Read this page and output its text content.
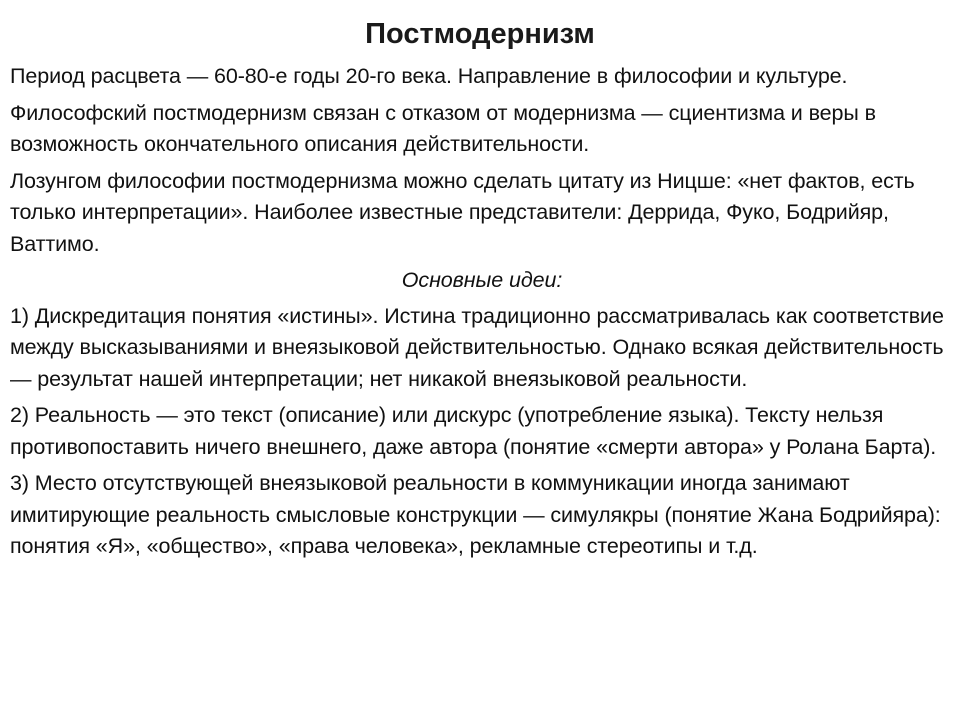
Постмодернизм

Период расцвета — 60-80-е годы 20-го века. Направление в философии и культуре.

Философский постмодернизм связан с отказом от модернизма — сциентизма и веры в возможность окончательного описания действительности.

Лозунгом философии постмодернизма можно сделать цитату из Ницше: «нет фактов, есть только интерпретации». Наиболее известные представители: Деррида, Фуко, Бодрийяр, Ваттимо.

Основные идеи:

1) Дискредитация понятия «истины». Истина традиционно рассматривалась как соответствие между высказываниями и внеязыковой действительностью. Однако всякая действительность — результат нашей интерпретации; нет никакой внеязыковой реальности.

2) Реальность — это текст (описание) или дискурс (употребление языка). Тексту нельзя противопоставить ничего внешнего, даже автора (понятие «смерти автора» у Ролана Барта).

3) Место отсутствующей внеязыковой реальности в коммуникации иногда занимают имитирующие реальность смысловые конструкции — симулякры (понятие Жана Бодрийяра): понятия «Я», «общество», «права человека», рекламные стереотипы и т.д.
